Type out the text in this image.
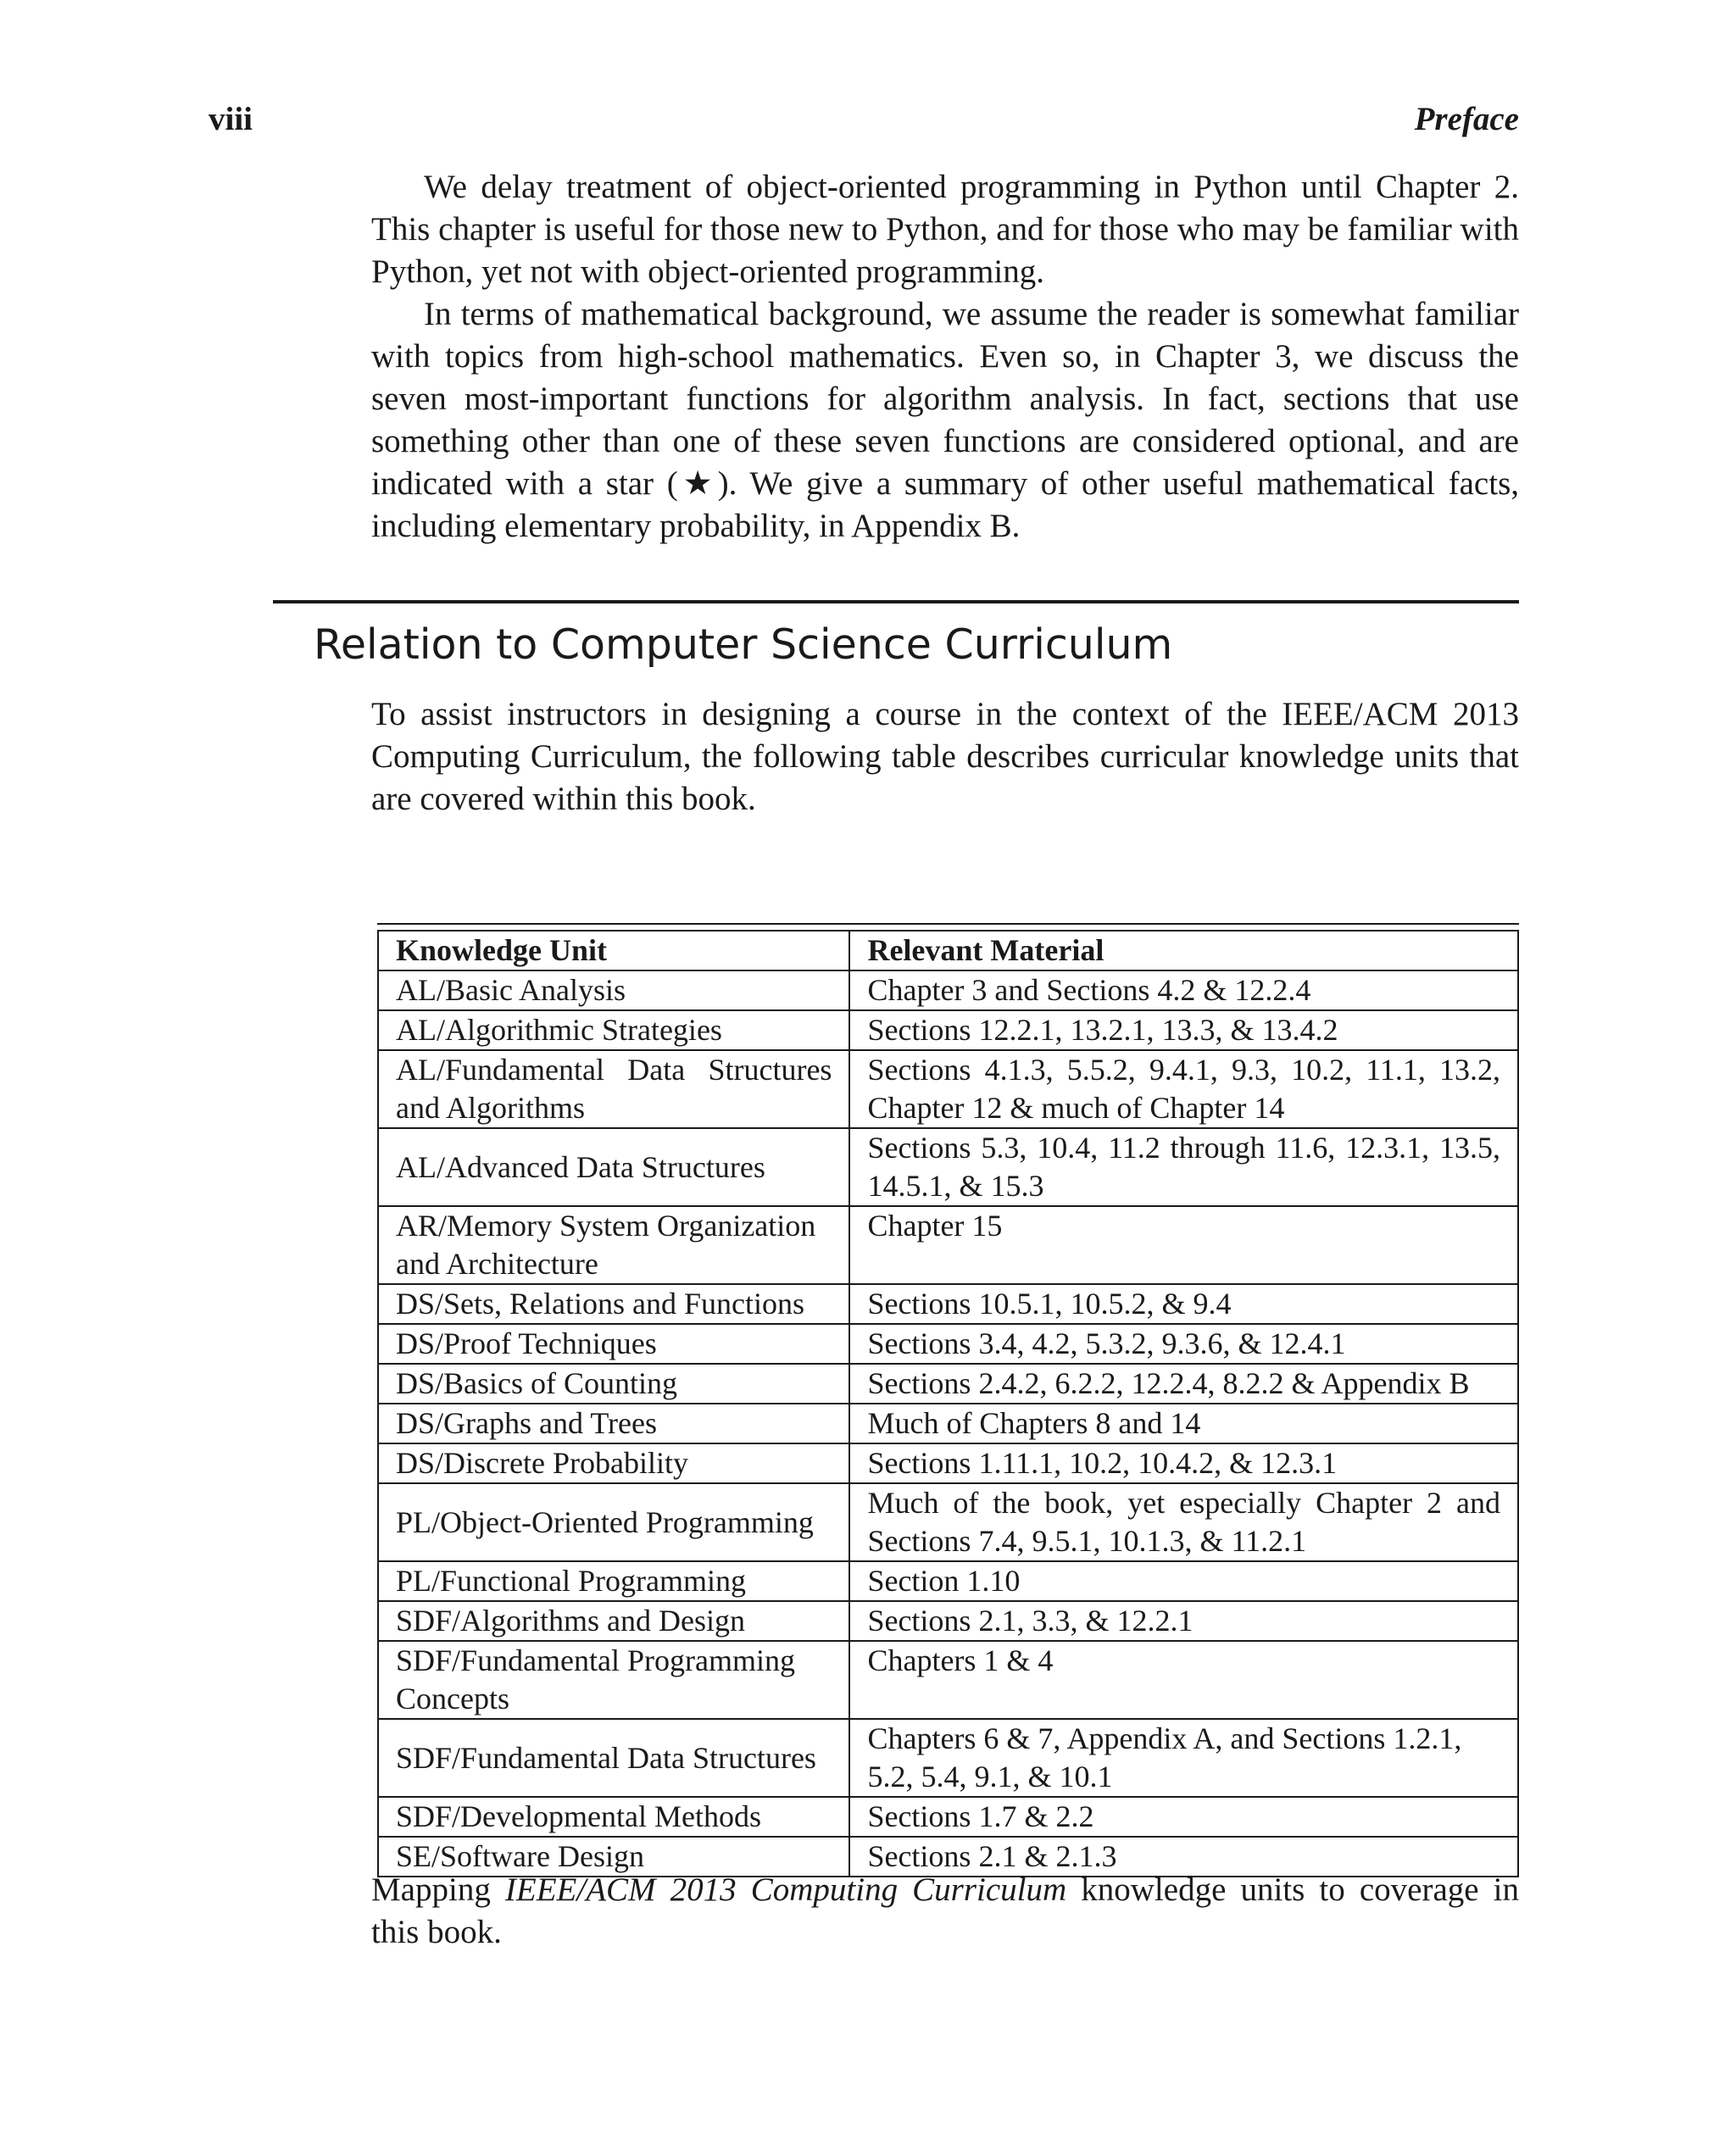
viii	Preface

We delay treatment of object-oriented programming in Python until Chapter 2. This chapter is useful for those new to Python, and for those who may be familiar with Python, yet not with object-oriented programming.

In terms of mathematical background, we assume the reader is somewhat familiar with topics from high-school mathematics. Even so, in Chapter 3, we discuss the seven most-important functions for algorithm analysis. In fact, sections that use something other than one of these seven functions are considered optional, and are indicated with a star (★). We give a summary of other useful mathematical facts, including elementary probability, in Appendix B.

Relation to Computer Science Curriculum

To assist instructors in designing a course in the context of the IEEE/ACM 2013 Computing Curriculum, the following table describes curricular knowledge units that are covered within this book.

Knowledge Unit	Relevant Material
AL/Basic Analysis	Chapter 3 and Sections 4.2 & 12.2.4
AL/Algorithmic Strategies	Sections 12.2.1, 13.2.1, 13.3, & 13.4.2
AL/Fundamental Data Structures and Algorithms	Sections 4.1.3, 5.5.2, 9.4.1, 9.3, 10.2, 11.1, 13.2, Chapter 12 & much of Chapter 14
AL/Advanced Data Structures	Sections 5.3, 10.4, 11.2 through 11.6, 12.3.1, 13.5, 14.5.1, & 15.3
AR/Memory System Organization and Architecture	Chapter 15
DS/Sets, Relations and Functions	Sections 10.5.1, 10.5.2, & 9.4
DS/Proof Techniques	Sections 3.4, 4.2, 5.3.2, 9.3.6, & 12.4.1
DS/Basics of Counting	Sections 2.4.2, 6.2.2, 12.2.4, 8.2.2 & Appendix B
DS/Graphs and Trees	Much of Chapters 8 and 14
DS/Discrete Probability	Sections 1.11.1, 10.2, 10.4.2, & 12.3.1
PL/Object-Oriented Programming	Much of the book, yet especially Chapter 2 and Sections 7.4, 9.5.1, 10.1.3, & 11.2.1
PL/Functional Programming	Section 1.10
SDF/Algorithms and Design	Sections 2.1, 3.3, & 12.2.1
SDF/Fundamental Programming Concepts	Chapters 1 & 4
SDF/Fundamental Data Structures	Chapters 6 & 7, Appendix A, and Sections 1.2.1, 5.2, 5.4, 9.1, & 10.1
SDF/Developmental Methods	Sections 1.7 & 2.2
SE/Software Design	Sections 2.1 & 2.1.3
Mapping IEEE/ACM 2013 Computing Curriculum knowledge units to coverage in this book.
